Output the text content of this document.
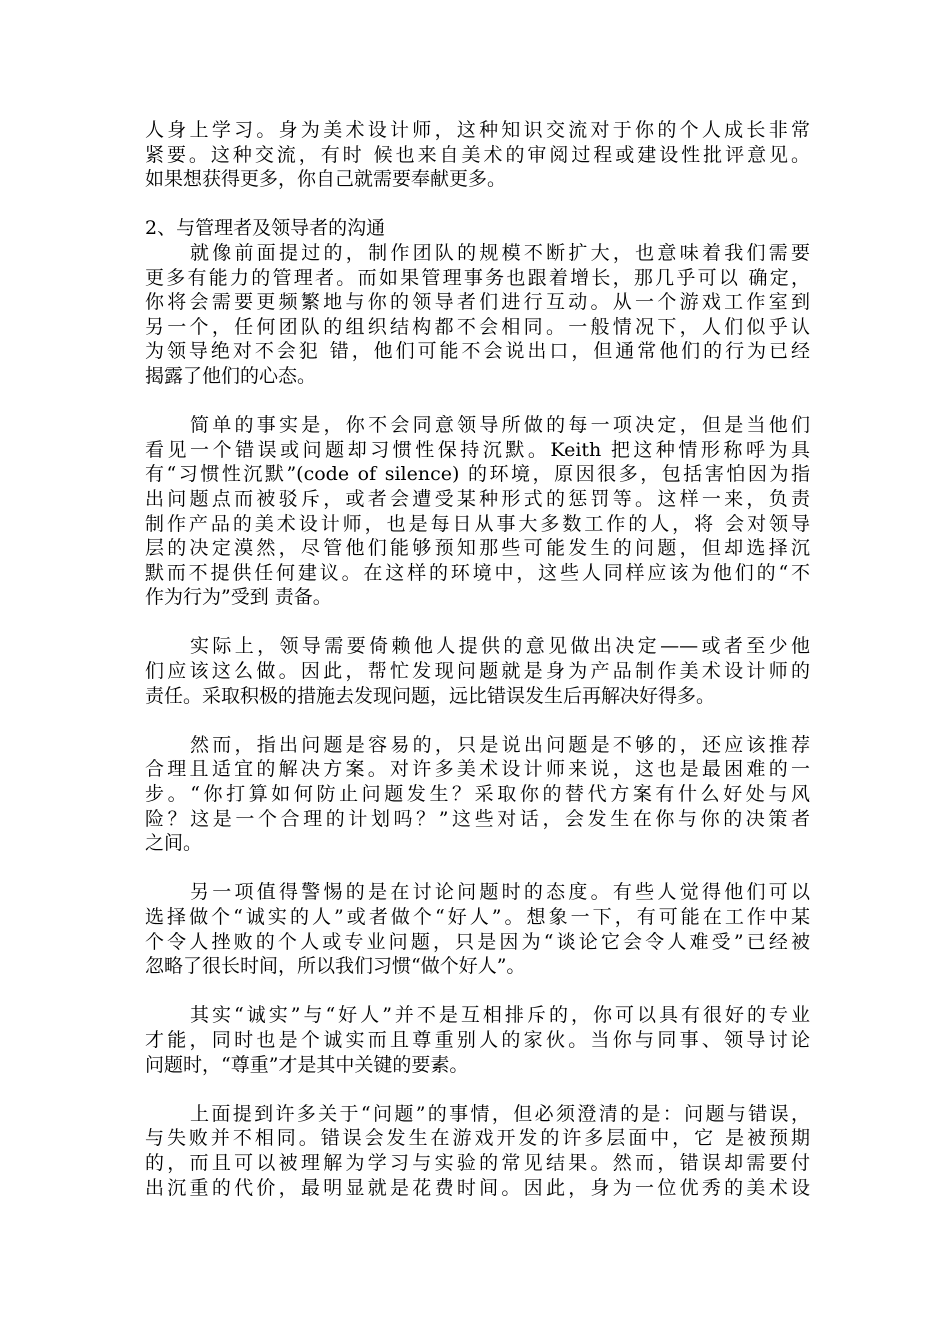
人身上学习。身为美术设计师，这种知识交流对于你的个人成长非常
紧要。这种交流，有时 候也来自美术的审阅过程或建设性批评意见。
如果想获得更多，你自己就需要奉献更多。
2、与管理者及领导者的沟通
就像前面提过的，制作团队的规模不断扩大，也意味着我们需要
更多有能力的管理者。而如果管理事务也跟着增长，那几乎可以 确定，
你将会需要更频繁地与你的领导者们进行互动。从一个游戏工作室到
另一个，任何团队的组织结构都不会相同。一般情况下，人们似乎认
为领导绝对不会犯 错，他们可能不会说出口，但通常他们的行为已经
揭露了他们的心态。
简单的事实是，你不会同意领导所做的每一项决定，但是当他们
看见一个错误或问题却习惯性保持沉默。Keith 把这种情形称呼为具
有“习惯性沉默”(code of silence) 的环境，原因很多，包括害怕因为指
出问题点而被驳斥，或者会遭受某种形式的惩罚等。这样一来，负责
制作产品的美术设计师，也是每日从事大多数工作的人，将 会对领导
层的决定漠然，尽管他们能够预知那些可能发生的问题，但却选择沉
默而不提供任何建议。在这样的环境中，这些人同样应该为他们的“不
作为行为”受到 责备。
实际上，领导需要倚赖他人提供的意见做出决定——或者至少他
们应该这么做。因此，帮忙发现问题就是身为产品制作美术设计师的
责任。采取积极的措施去发现问题，远比错误发生后再解决好得多。
然而，指出问题是容易的，只是说出问题是不够的，还应该推荐
合理且适宜的解决方案。对许多美术设计师来说，这也是最困难的一
步。“你打算如何防止问题发生？采取你的替代方案有什么好处与风
险？这是一个合理的计划吗？”这些对话，会发生在你与你的决策者
之间。
另一项值得警惕的是在讨论问题时的态度。有些人觉得他们可以
选择做个“诚实的人”或者做个“好人”。想象一下，有可能在工作中某
个令人挫败的个人或专业问题，只是因为“谈论它会令人难受”已经被
忽略了很长时间，所以我们习惯“做个好人”。
其实“诚实”与“好人”并不是互相排斥的，你可以具有很好的专业
才能，同时也是个诚实而且尊重别人的家伙。当你与同事、领导讨论
问题时，“尊重”才是其中关键的要素。
上面提到许多关于“问题”的事情，但必须澄清的是：问题与错误，
与失败并不相同。错误会发生在游戏开发的许多层面中，它 是被预期
的，而且可以被理解为学习与实验的常见结果。然而，错误却需要付
出沉重的代价，最明显就是花费时间。因此，身为一位优秀的美术设
